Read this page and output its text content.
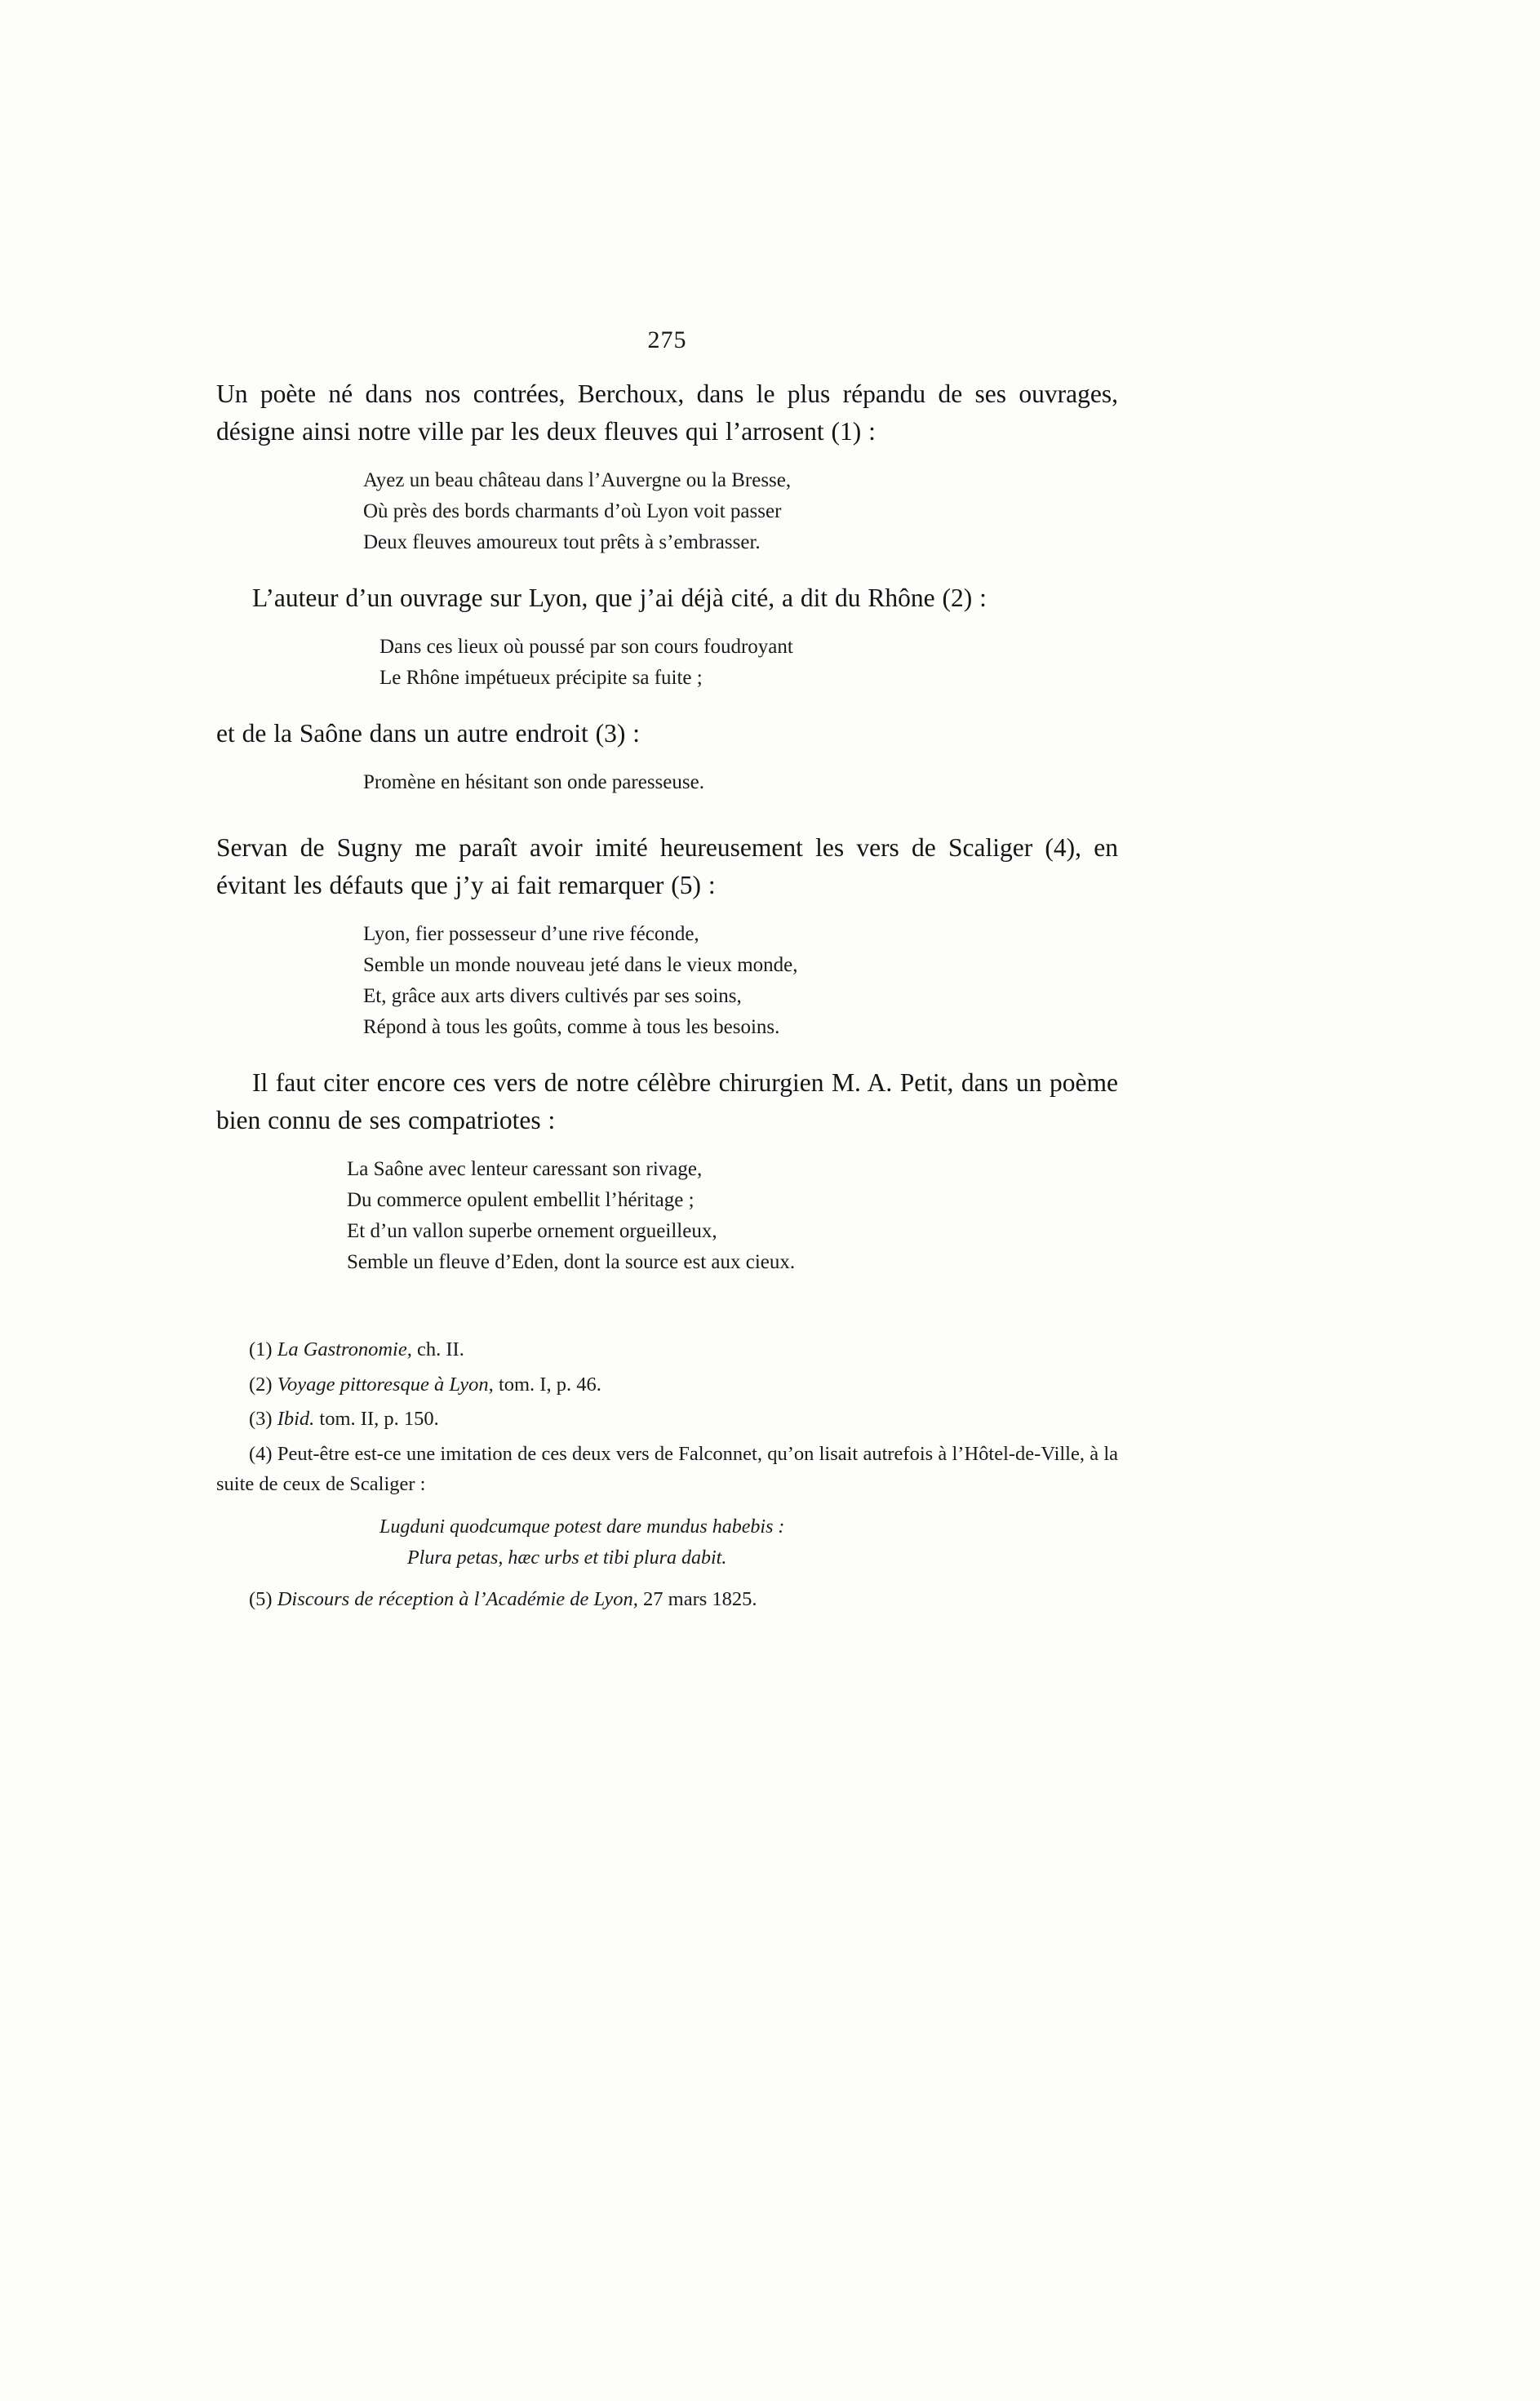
275

Un poète né dans nos contrées, Berchoux, dans le plus répandu de ses ouvrages, désigne ainsi notre ville par les deux fleuves qui l’arrosent (1) :

Ayez un beau château dans l’Auvergne ou la Bresse,
Où près des bords charmants d’où Lyon voit passer
Deux fleuves amoureux tout prêts à s’embrasser.

L’auteur d’un ouvrage sur Lyon, que j’ai déjà cité, a dit du Rhône (2) :

Dans ces lieux où poussé par son cours foudroyant
Le Rhône impétueux précipite sa fuite ;

et de la Saône dans un autre endroit (3) :

Promène en hésitant son onde paresseuse.

Servan de Sugny me paraît avoir imité heureusement les vers de Scaliger (4), en évitant les défauts que j’y ai fait remarquer (5) :

Lyon, fier possesseur d’une rive féconde,
Semble un monde nouveau jeté dans le vieux monde,
Et, grâce aux arts divers cultivés par ses soins,
Répond à tous les goûts, comme à tous les besoins.

Il faut citer encore ces vers de notre célèbre chirurgien M. A. Petit, dans un poème bien connu de ses compatriotes :

La Saône avec lenteur caressant son rivage,
Du commerce opulent embellit l’héritage ;
Et d’un vallon superbe ornement orgueilleux,
Semble un fleuve d’Eden, dont la source est aux cieux.

(1) La Gastronomie, ch. II.

(2) Voyage pittoresque à Lyon, tom. I, p. 46.

(3) Ibid. tom. II, p. 150.

(4) Peut-être est-ce une imitation de ces deux vers de Falconnet, qu’on lisait autrefois à l’Hôtel-de-Ville, à la suite de ceux de Scaliger :

Lugduni quodcumque potest dare mundus habebis :
Plura petas, hæc urbs et tibi plura dabit.

(5) Discours de réception à l’Académie de Lyon, 27 mars 1825.
